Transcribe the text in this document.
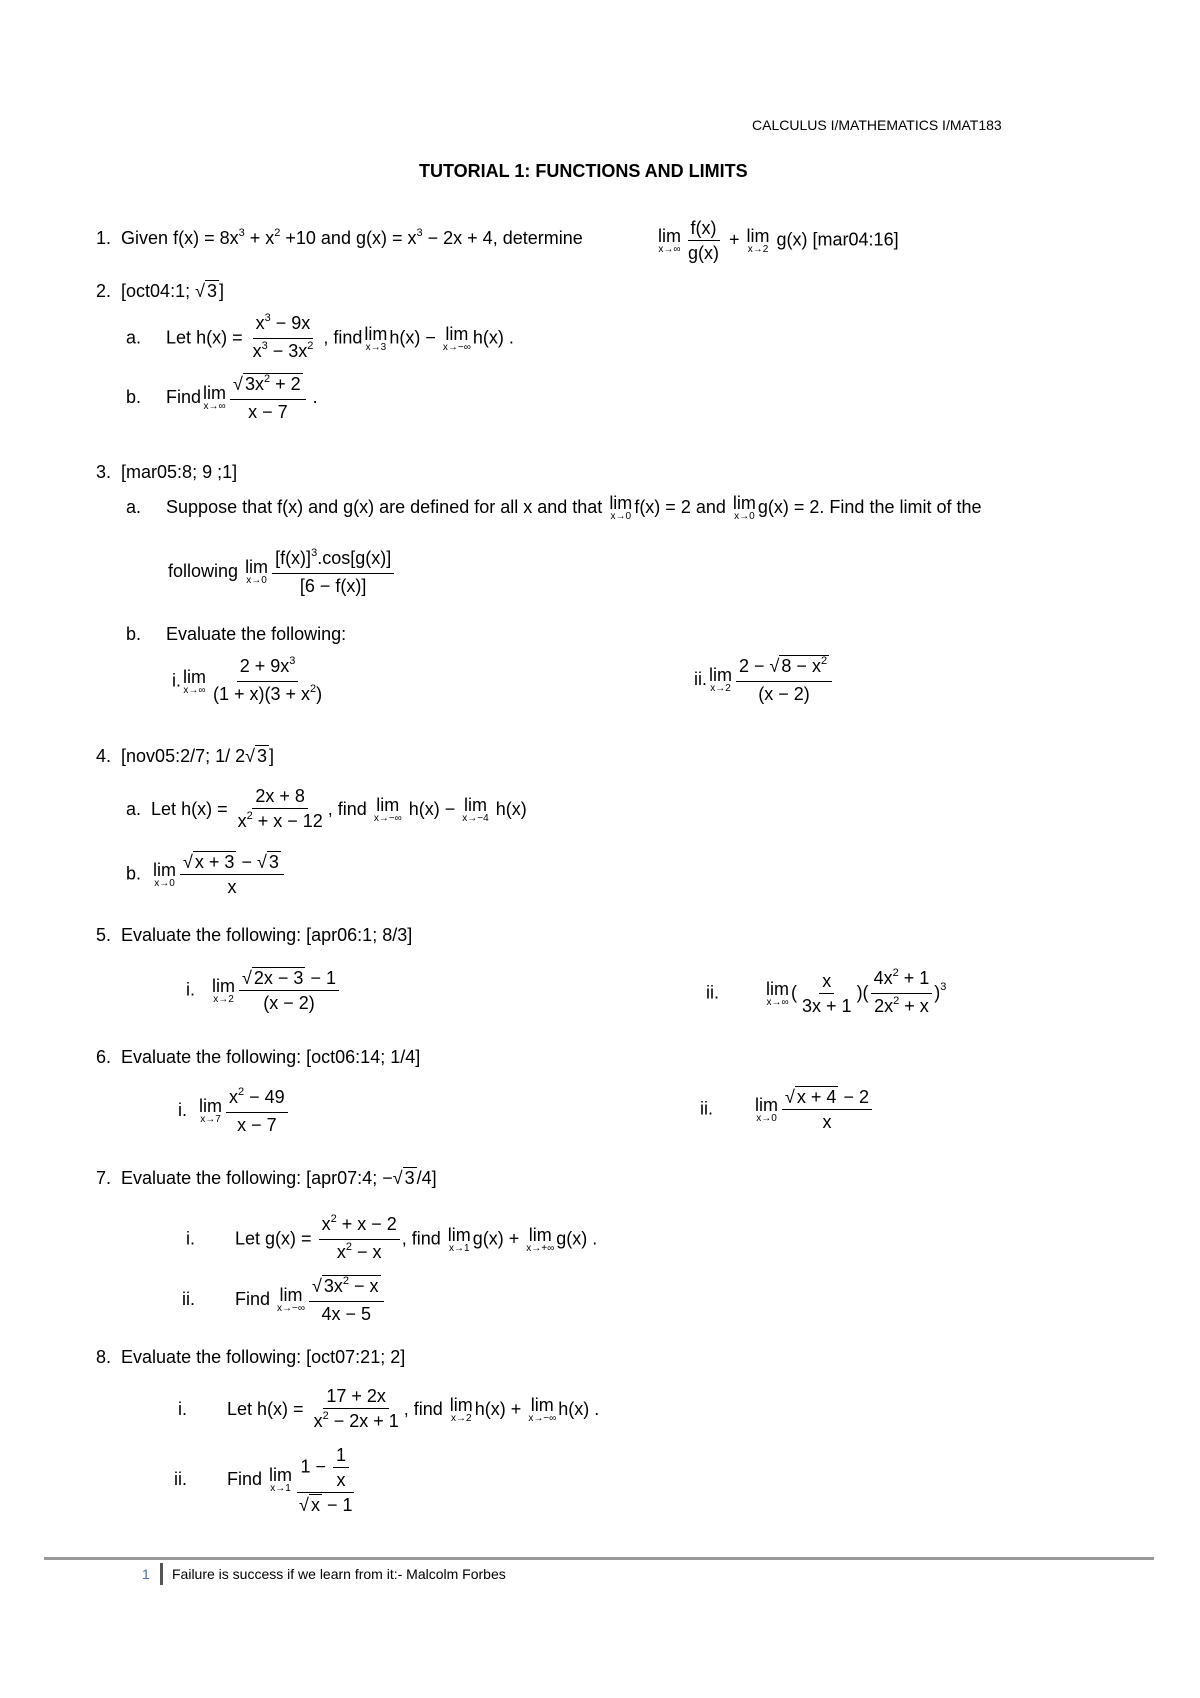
CALCULUS I/MATHEMATICS I/MAT183
TUTORIAL 1: FUNCTIONS AND LIMITS
1. Given $f(x) = 8x^3 + x^2 +10$ and $g(x) = x^3 - 2x + 4$, determine	lim
$x\to\infty \frac{f(x)}{g(x)} + \lim$
x→2 g(x) [mar04:16]
2. [oct04:1; √ 3 ]
a. Let $h(x) = \frac{x^3 - 9x}{x^3 - 3x^2}$ , find lim
x→3 h(x) − lim
x→−∞ h(x) .
b. Find lim
$x\to\infty \frac{√ 3x^2 + 2}{x - 7}$ .
3. [mar05:8; 9 ;1]
a. Suppose that f(x) and g(x) are defined for all x and that lim
x→0 f(x) = 2 and lim
x→0 g(x) = 2. Find the limit of the
following lim
$x\to 0 \frac{[f(x)]^3.\cos[g(x)]}{[6 - f(x)]}$
b. Evaluate the following:
i. lim
$x\to\infty \frac{2 + 9x^3}{(1 + x)(3 + x^2)}$	ii. lim
$x\to 2 \frac{2 - √ 8 - x^2}{(x - 2)}$
4. [nov05:2/7; 1/ 2√ 3 ]
a. Let $h(x) = \frac{2x + 8}{x^2 + x - 12}$ , find lim
x→−∞ h(x) − lim
x→−4 h(x)
b. lim
$x\to 0 \frac{√ x + 3 - √ 3}{x}$
5. Evaluate the following: [apr06:1; 8/3]
i. lim
$x\to 2 \frac{√ 2x - 3 - 1}{(x - 2)}$	ii.	lim
x→∞ ( $\frac{x}{3x + 1}$ )( $\frac{4x^2 + 1}{2x^2 + x} )^3$
6. Evaluate the following: [oct06:14; 1/4]
i. lim
$x\to 7 \frac{x^2 - 49}{x - 7}$	ii. lim
$x\to 0 \frac{√ x + 4 - 2}{x}$
7. Evaluate the following: [apr07:4; −√ 3 /4]
i. Let $g(x) = \frac{x^2 + x - 2}{x^2 - x}$ , find lim
x→1 g(x) + lim
x→+∞ g(x) .
ii. Find lim
$x\to-\infty \frac{√ 3x^2 - x}{4x - 5}$
8. Evaluate the following: [oct07:21; 2]
i. Let $h(x) = \frac{17 + 2x}{x^2 - 2x + 1}$ , find lim
x→2 h(x) + lim
x→−∞ h(x) .
ii. Find lim
$x\to 1 \frac{1 - \frac{1}{x}}{√ x - 1}$
1 Failure is success if we learn from it:- Malcolm Forbes
